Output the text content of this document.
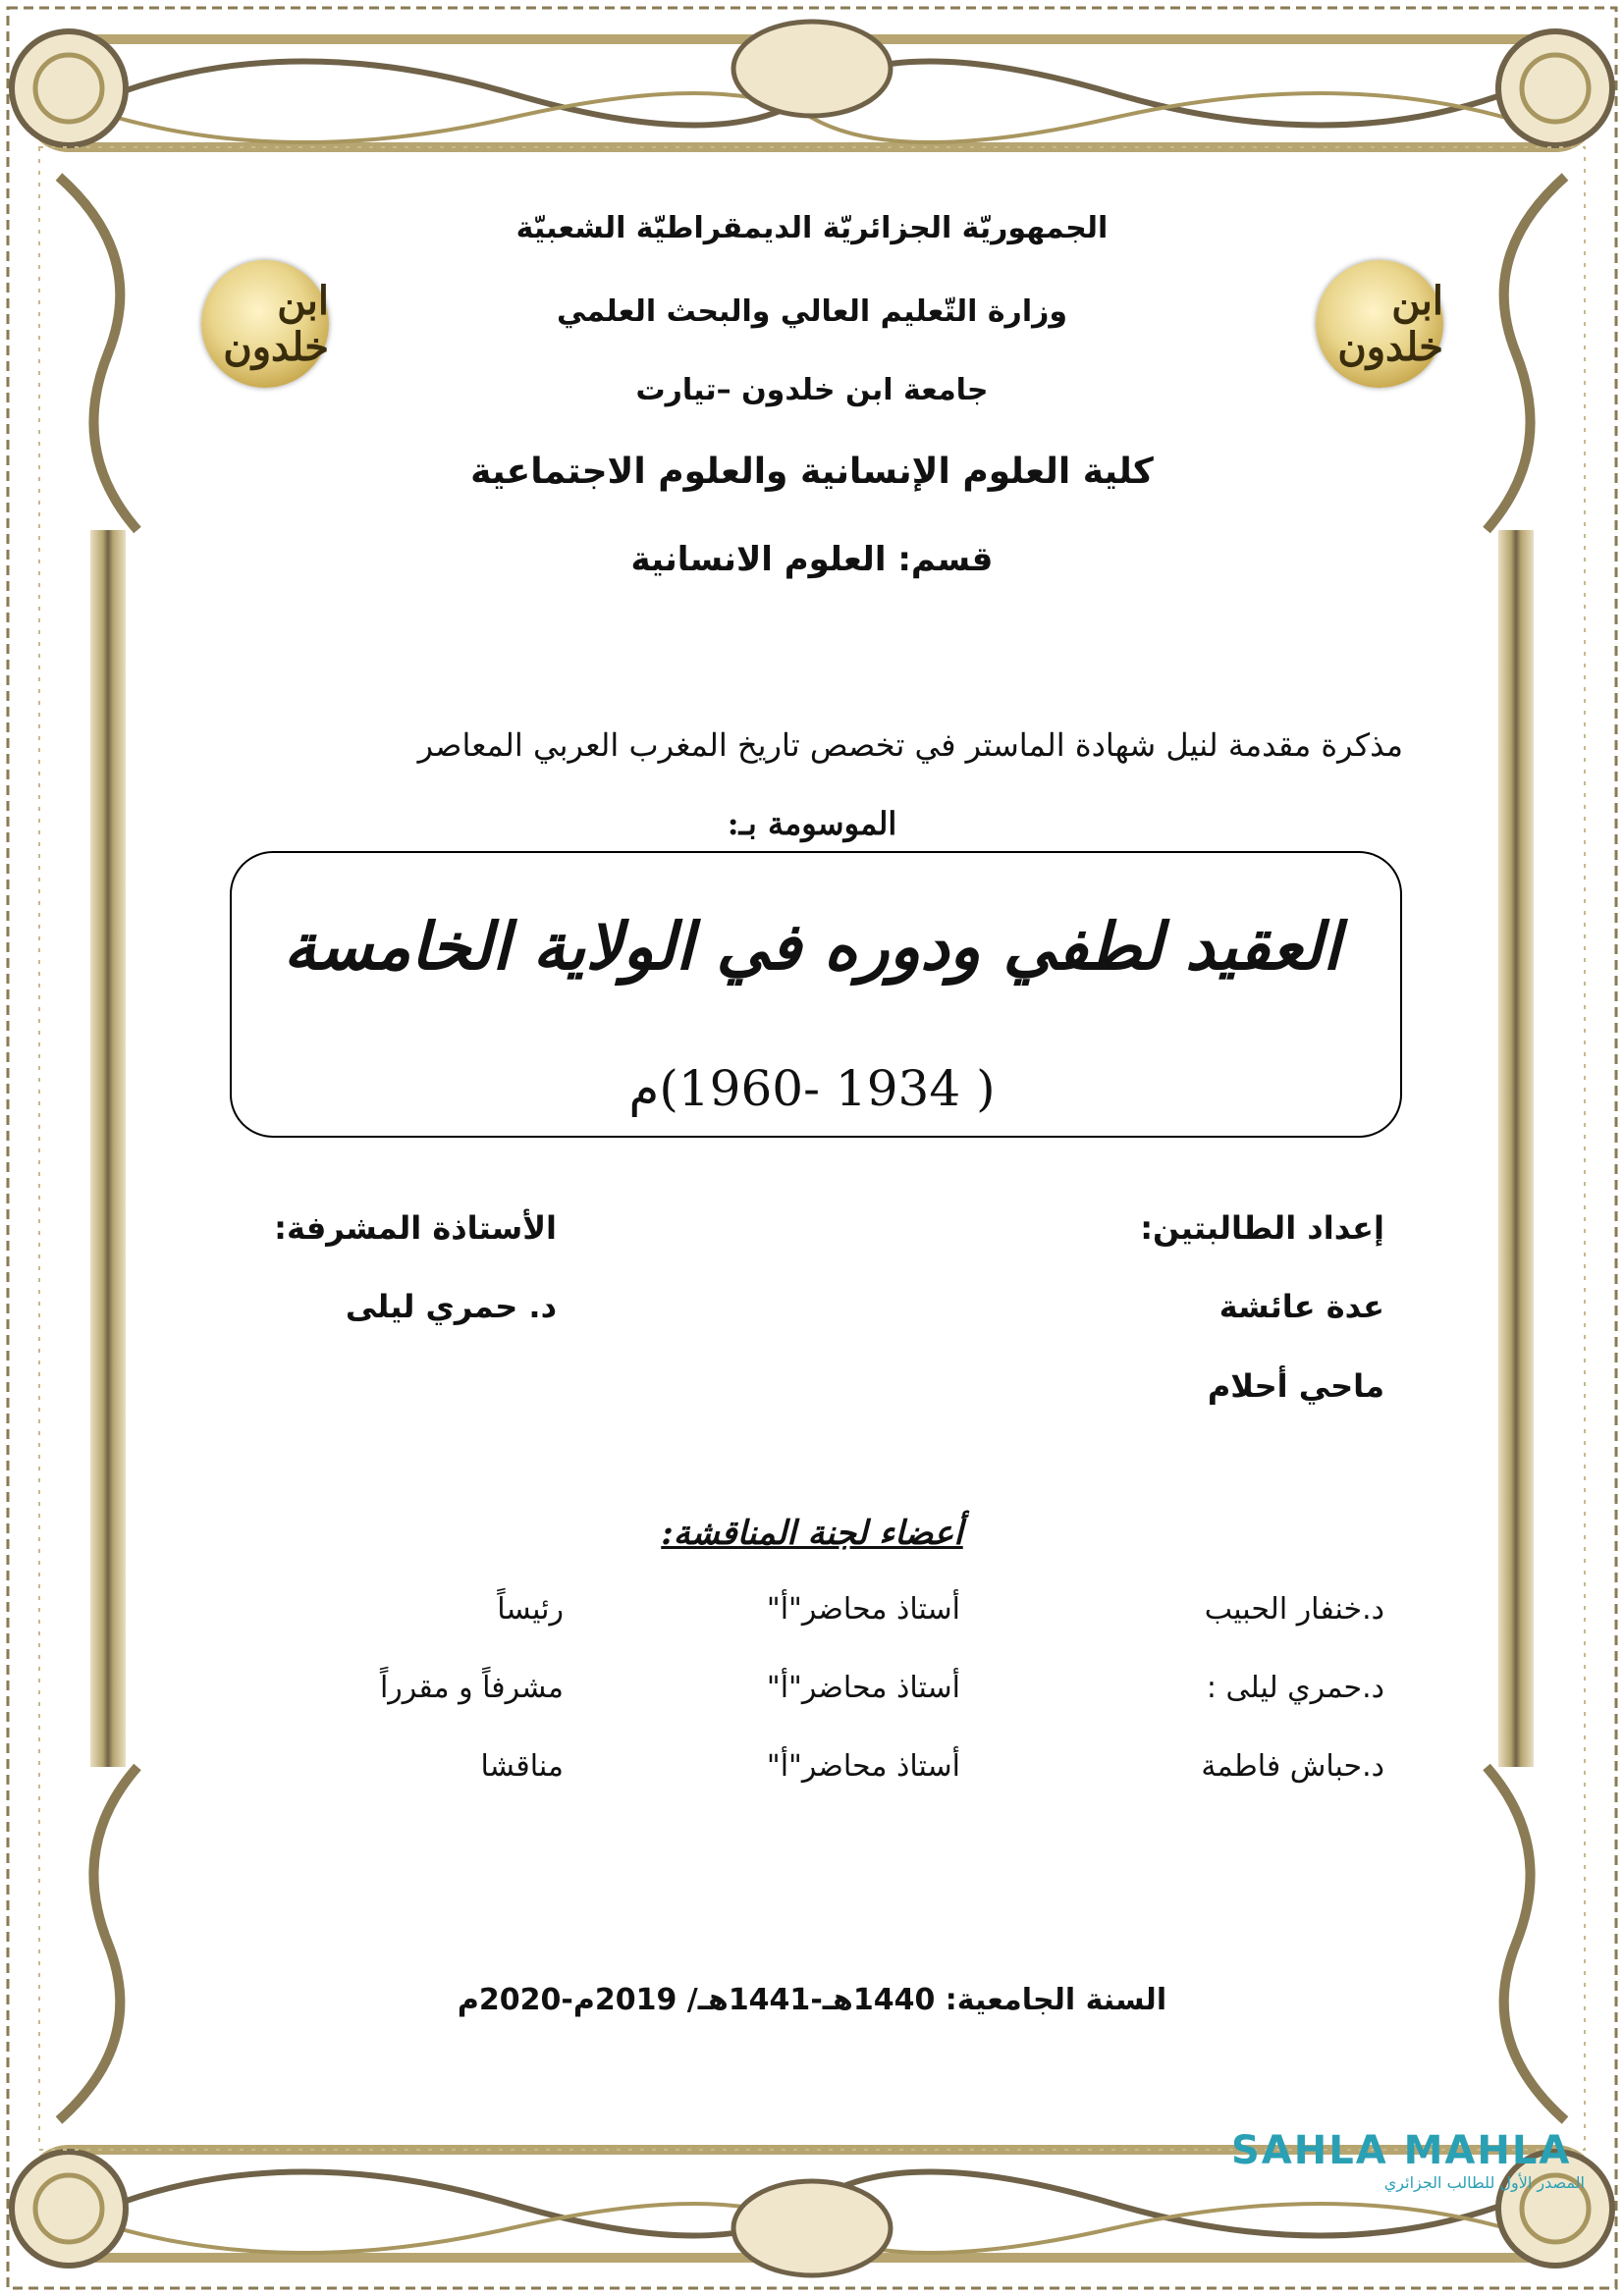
ابن خلدون
ابن خلدون
الجمهوريّة الجزائريّة الديمقراطيّة الشعبيّة
وزارة التّعليم العالي والبحث العلمي
جامعة ابن خلدون –تيارت
كلية العلوم الإنسانية والعلوم الاجتماعية
قسم: العلوم الانسانية
مذكرة مقدمة لنيل شهادة الماستر في تخصص تاريخ المغرب العربي المعاصر
الموسومة بـ:
العقيد لطفي ودوره في الولاية الخامسة
( 1934 -1960)م
إعداد الطالبتين:
عدة عائشة
ماحي أحلام
الأستاذة المشرفة:
د. حمري ليلى
أعضاء لجنة المناقشة:
د.خنفار الحبيب
أستاذ محاضر"أ"
رئيساً
د.حمري ليلى :
أستاذ محاضر"أ"
مشرفاً و مقرراً
د.حباش فاطمة
أستاذ محاضر"أ"
مناقشا
السنة الجامعية: 1440هـ-1441هـ/ 2019م-2020م
SAHLA MAHLA
المصدر الأول للطالب الجزائري
